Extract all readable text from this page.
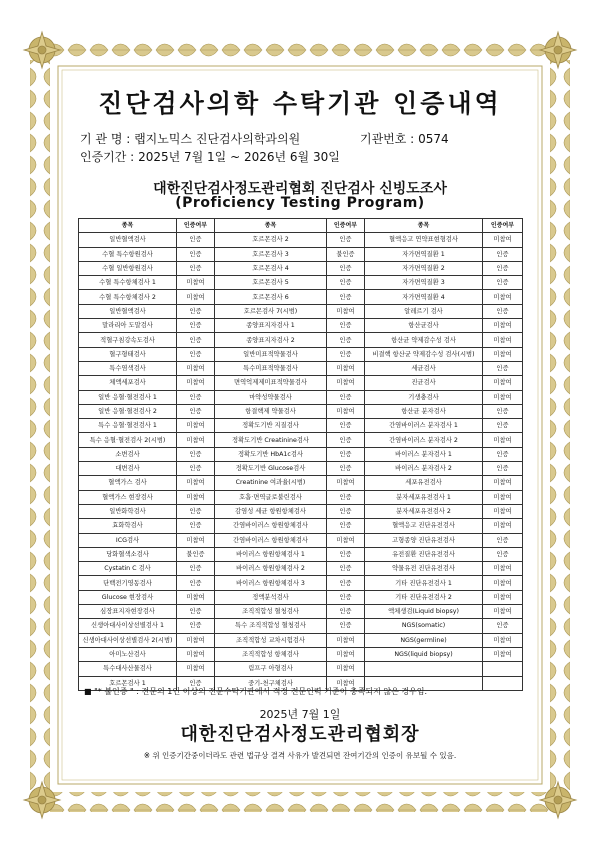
진단검사의학 수탁기관 인증내역
기 관 명 : 랩지노믹스 진단검사의학과의원	기관번호 : 0574
인증기간 : 2025년 7월 1일 ~ 2026년 6월 30일
대한진단검사정도관리협회 진단검사 신빙도조사
(Proficiency Testing Program)
종목	인증여부	종목	인증여부	종목	인증여부
일반혈액검사	인증	호르몬검사 2	인증	혈액응고 연약표현형검사	미참여
수혈 특수항원검사	인증	호르몬검사 3	불인증	자가면역질환 1	인증
수혈 일반항원검사	인증	호르몬검사 4	인증	자가면역질환 2	인증
수혈 특수항체검사 1	미참여	호르몬검사 5	인증	자가면역질환 3	인증
수혈 특수항체검사 2	미참여	호르몬검사 6	인증	자가면역질환 4	미참여
일반혈액검사	인증	호르몬검사 7(시범)	미참여	알레르기 검사	인증
말라리아 도말검사	인증	종양표지자검사 1	인증	항산균검사	미참여
적혈구침강속도검사	인증	종양표지자검사 2	인증	항산균 약제감수성 검사	미참여
혈구형태검사	인증	일반미표적약물검사	인증	비결핵 항산균 약제감수성 검사(시범)	미참여
특수염색검사	미참여	특수미표적약물검사	미참여	세균검사	인증
체액세포검사	미참여	면역억제제미표적약물검사	미참여	진균검사	미참여
일반 응혈·혈전검사 1	인증	마약성약물검사	인증	기생충검사	미참여
일반 응혈·혈전검사 2	인증	항결핵제 약물검사	미참여	항산균 분자검사	인증
특수 응혈·혈전검사 1	미참여	정확도기반 지질검사	인증	간염바이러스 분자검사 1	인증
특수 응혈·혈전검사 2(시범)	미참여	정확도기반 Creatinine검사	인증	간염바이러스 분자검사 2	미참여
소변검사	인증	정확도기반 HbA1c검사	인증	바이러스 분자검사 1	인증
대변검사	인증	정확도기반 Glucose검사	인증	바이러스 분자검사 2	인증
혈액가스 검사	미참여	Creatinine 여과율(시범)	미참여	세포유전검사	미참여
혈액가스 현장검사	미참여	호흡·면역글로불린검사	인증	분자세포유전검사 1	미참여
일반화학검사	인증	감염성 세균 항원항체검사	인증	분자세포유전검사 2	미참여
효화학검사	인증	간염바이러스 항원항체검사	인증	혈액응고 진단유전검사	미참여
ICG검사	미참여	간염바이러스 항원항체검사	미참여	고형종양 진단유전검사	인증
당화혈색소검사	불인증	바이러스 항원항체검사 1	인증	유전질환 진단유전검사	인증
Cystatin C 검사	인증	바이러스 항원항체검사 2	인증	약물유전 진단유전검사	미참여
단백전기영동검사	인증	바이러스 항원항체검사 3	인증	기타 진단유전검사 1	미참여
Glucose 현장검사	미참여	정액분석검사	인증	기타 진단유전검사 2	미참여
심장표지자현장검사	인증	조직적합성 혈청검사	인증	액체생검(Liquid biopsy)	미참여
신생아대사이상선별검사 1	인증	특수 조직적합성 혈청검사	인증	NGS(somatic)	인증
신생아대사이상선별검사 2(시범)	미참여	조직적합성 교차시험검사	미참여	NGS(germline)	미참여
아미노산검사	미참여	조직적합성 항체검사	미참여	NGS(liquid biopsy)	미참여
특수대사산물검사	미참여	림프구 아형검사	미참여		
호르몬검사 1	인증	중기-천구체검사	미참여		
■ "* 불인증 " : 전문의 1인 이상의 전문수탁기관에서 적정 전문인력 기준이 충족되지 않은 경우임.
2025년 7월 1일
대한진단검사정도관리협회장
※ 위 인증기간중이더라도 관련 법규상 결격 사유가 발견되면 잔여기간의 인증이 유보될 수 있음.
